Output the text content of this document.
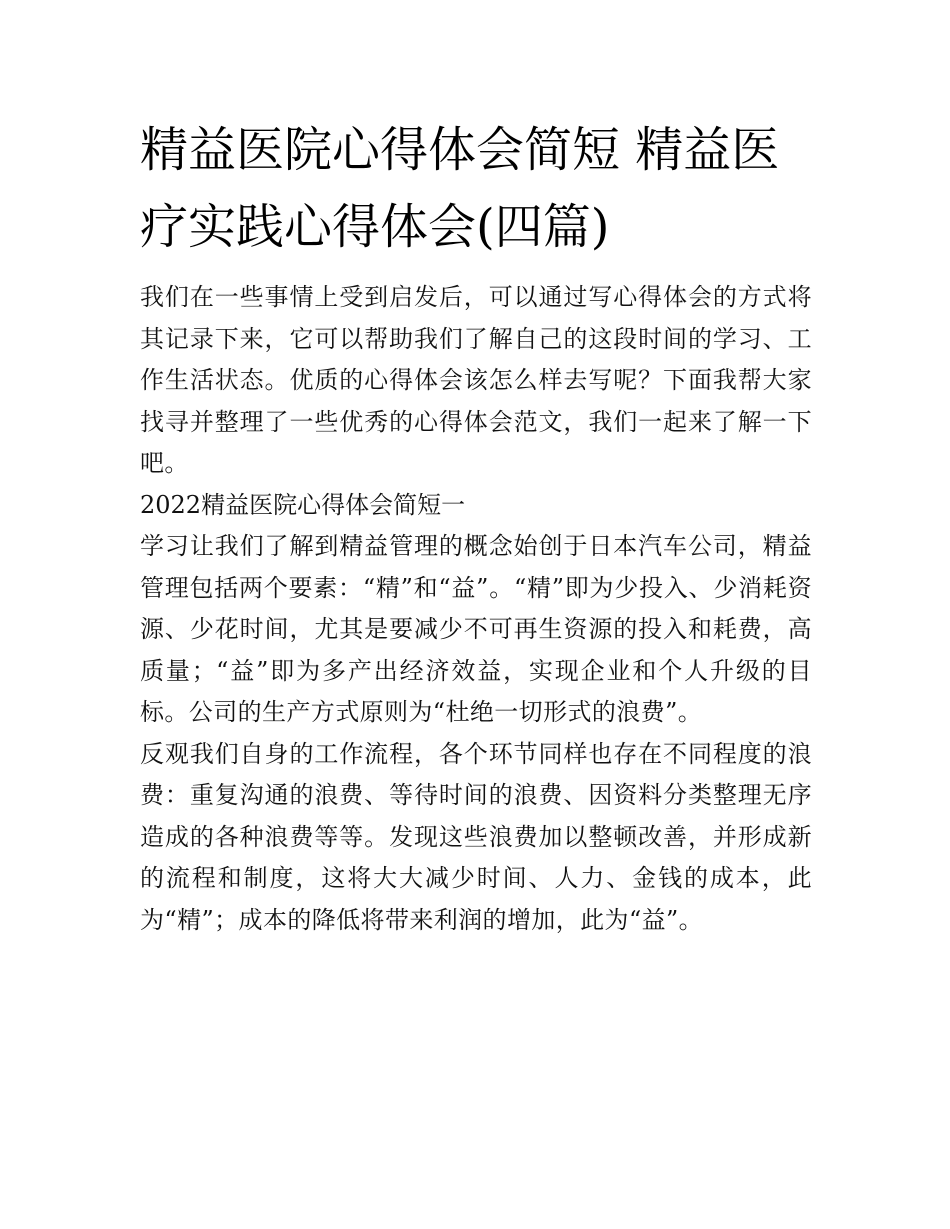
精益医院心得体会简短 精益医疗实践心得体会(四篇)

我们在一些事情上受到启发后，可以通过写心得体会的方式将其记录下来，它可以帮助我们了解自己的这段时间的学习、工作生活状态。优质的心得体会该怎么样去写呢？下面我帮大家找寻并整理了一些优秀的心得体会范文，我们一起来了解一下吧。

2022精益医院心得体会简短一

学习让我们了解到精益管理的概念始创于日本汽车公司，精益管理包括两个要素：“精”和“益”。“精”即为少投入、少消耗资源、少花时间，尤其是要减少不可再生资源的投入和耗费，高质量；“益”即为多产出经济效益，实现企业和个人升级的目标。公司的生产方式原则为“杜绝一切形式的浪费”。

反观我们自身的工作流程，各个环节同样也存在不同程度的浪费：重复沟通的浪费、等待时间的浪费、因资料分类整理无序造成的各种浪费等等。发现这些浪费加以整顿改善，并形成新的流程和制度，这将大大减少时间、人力、金钱的成本，此为“精”；成本的降低将带来利润的增加，此为“益”。
